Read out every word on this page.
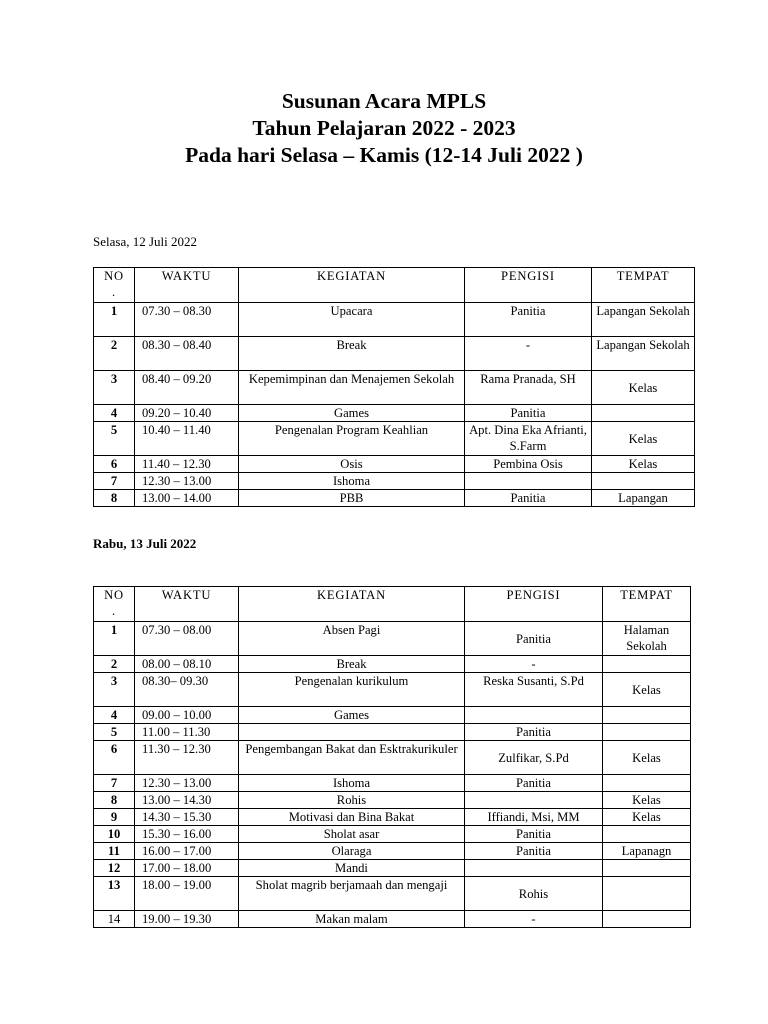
Susunan Acara MPLS
Tahun Pelajaran 2022 - 2023
Pada hari Selasa – Kamis (12-14 Juli 2022 )
Selasa, 12 Juli 2022
NO
.	WAKTU	KEGIATAN	PENGISI	TEMPAT
1	07.30 – 08.30	Upacara	Panitia	Lapangan Sekolah
2	08.30 – 08.40	Break	-	Lapangan Sekolah
3	08.40 – 09.20	Kepemimpinan dan Menajemen Sekolah	Rama Pranada, SH	Kelas
4	09.20 – 10.40	Games	Panitia	
5	10.40 – 11.40	Pengenalan Program Keahlian	Apt. Dina Eka Afrianti, S.Farm	Kelas
6	11.40 – 12.30	Osis	Pembina Osis	Kelas
7	12.30 – 13.00	Ishoma		
8	13.00 – 14.00	PBB	Panitia	Lapangan
Rabu, 13 Juli 2022
NO
.	WAKTU	KEGIATAN	PENGISI	TEMPAT
1	07.30 – 08.00	Absen Pagi	Panitia	Halaman Sekolah
2	08.00 – 08.10	Break	-	
3	08.30– 09.30	Pengenalan kurikulum	Reska Susanti, S.Pd	Kelas
4	09.00 – 10.00	Games		
5	11.00 – 11.30		Panitia	
6	11.30 – 12.30	Pengembangan Bakat dan Esktrakurikuler	Zulfikar, S.Pd	Kelas
7	12.30 – 13.00	Ishoma	Panitia	
8	13.00 – 14.30	Rohis		Kelas
9	14.30 – 15.30	Motivasi dan Bina Bakat	Iffiandi, Msi, MM	Kelas
10	15.30 – 16.00	Sholat asar	Panitia	
11	16.00 – 17.00	Olaraga	Panitia	Lapanagn
12	17.00 – 18.00	Mandi		
13	18.00 – 19.00	Sholat magrib berjamaah dan mengaji	Rohis	
14	19.00 – 19.30	Makan malam	-	
